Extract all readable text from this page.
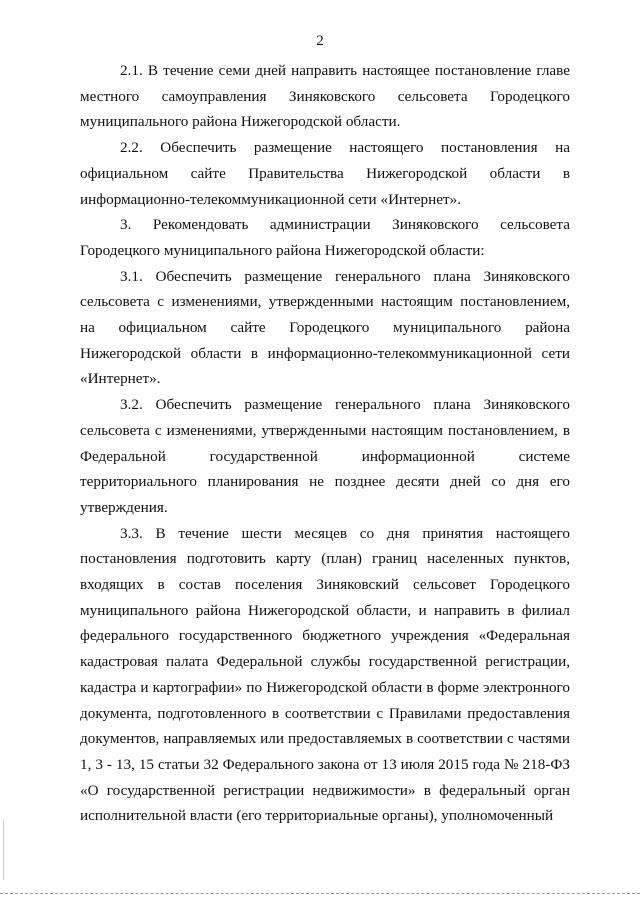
2

2.1. В течение семи дней направить настоящее постановление главе местного самоуправления Зиняковского сельсовета Городецкого муниципального района Нижегородской области.

2.2. Обеспечить размещение настоящего постановления на официальном сайте Правительства Нижегородской области в информационно-телекоммуникационной сети «Интернет».

3. Рекомендовать администрации Зиняковского сельсовета Городецкого муниципального района Нижегородской области:

3.1. Обеспечить размещение генерального плана Зиняковского сельсовета с изменениями, утвержденными настоящим постановлением, на официальном сайте Городецкого муниципального района Нижегородской области в информационно-телекоммуникационной сети «Интернет».

3.2. Обеспечить размещение генерального плана Зиняковского сельсовета с изменениями, утвержденными настоящим постановлением, в Федеральной государственной информационной системе территориального планирования не позднее десяти дней со дня его утверждения.

3.3. В течение шести месяцев со дня принятия настоящего постановления подготовить карту (план) границ населенных пунктов, входящих в состав поселения Зиняковский сельсовет Городецкого муниципального района Нижегородской области, и направить в филиал федерального государственного бюджетного учреждения «Федеральная кадастровая палата Федеральной службы государственной регистрации, кадастра и картографии» по Нижегородской области в форме электронного документа, подготовленного в соответствии с Правилами предоставления документов, направляемых или предоставляемых в соответствии с частями 1, 3 - 13, 15 статьи 32 Федерального закона от 13 июля 2015 года № 218-ФЗ «О государственной регистрации недвижимости» в федеральный орган исполнительной власти (его территориальные органы), уполномоченный
